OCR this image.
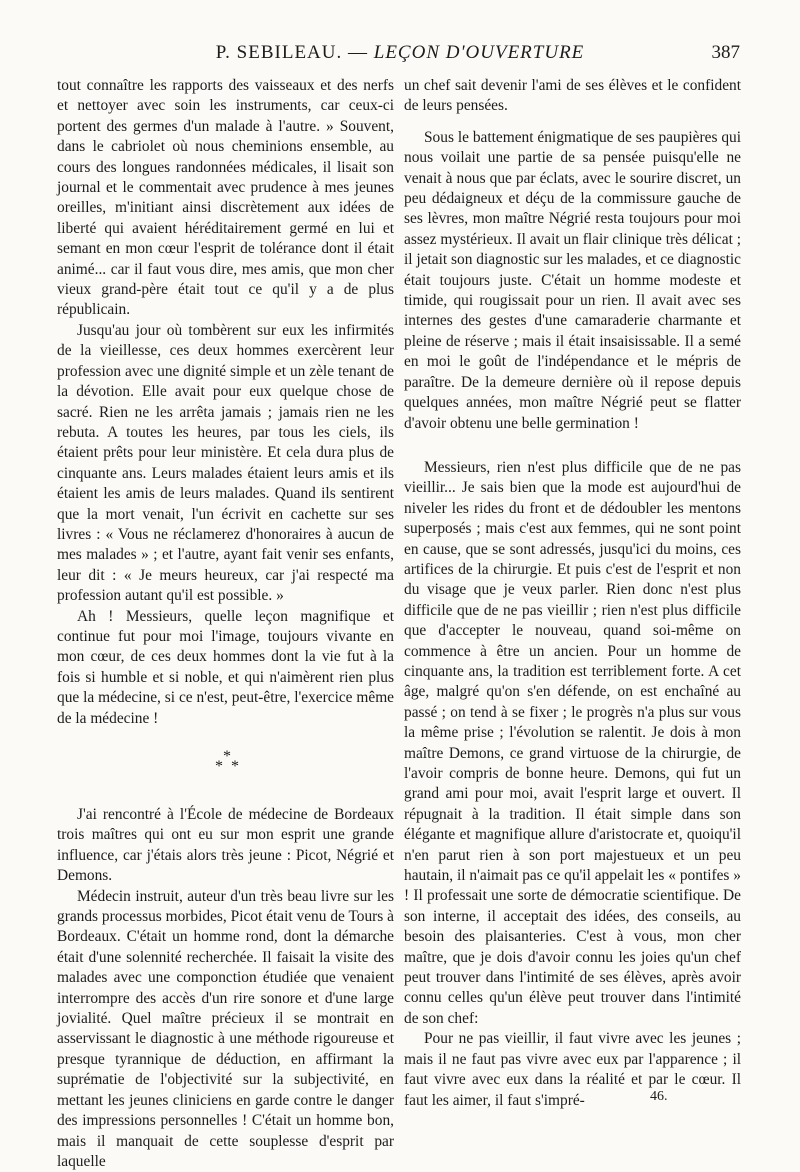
P. SEBILEAU. — LEÇON D'OUVERTURE	387

tout connaître les rapports des vaisseaux et des nerfs et nettoyer avec soin les instruments, car ceux-ci portent des germes d'un malade à l'autre. » Souvent, dans le cabriolet où nous cheminions ensemble, au cours des longues randonnées médicales, il lisait son journal et le commentait avec prudence à mes jeunes oreilles, m'initiant ainsi discrètement aux idées de liberté qui avaient héréditairement germé en lui et semant en mon cœur l'esprit de tolérance dont il était animé... car il faut vous dire, mes amis, que mon cher vieux grand-père était tout ce qu'il y a de plus républicain.

Jusqu'au jour où tombèrent sur eux les infirmités de la vieillesse, ces deux hommes exercèrent leur profession avec une dignité simple et un zèle tenant de la dévotion. Elle avait pour eux quelque chose de sacré. Rien ne les arrêta jamais ; jamais rien ne les rebuta. A toutes les heures, par tous les ciels, ils étaient prêts pour leur ministère. Et cela dura plus de cinquante ans. Leurs malades étaient leurs amis et ils étaient les amis de leurs malades. Quand ils sentirent que la mort venait, l'un écrivit en cachette sur ses livres : « Vous ne réclamerez d'honoraires à aucun de mes malades » ; et l'autre, ayant fait venir ses enfants, leur dit : « Je meurs heureux, car j'ai respecté ma profession autant qu'il est possible. »

Ah ! Messieurs, quelle leçon magnifique et continue fut pour moi l'image, toujours vivante en mon cœur, de ces deux hommes dont la vie fut à la fois si humble et si noble, et qui n'aimèrent rien plus que la médecine, si ce n'est, peut-être, l'exercice même de la médecine !

*
* *

J'ai rencontré à l'École de médecine de Bordeaux trois maîtres qui ont eu sur mon esprit une grande influence, car j'étais alors très jeune : Picot, Négrié et Demons.

Médecin instruit, auteur d'un très beau livre sur les grands processus morbides, Picot était venu de Tours à Bordeaux. C'était un homme rond, dont la démarche était d'une solennité recherchée. Il faisait la visite des malades avec une componction étudiée que venaient interrompre des accès d'un rire sonore et d'une large jovialité. Quel maître précieux il se montrait en asservissant le diagnostic à une méthode rigoureuse et presque tyrannique de déduction, en affirmant la suprématie de l'objectivité sur la subjectivité, en mettant les jeunes cliniciens en garde contre le danger des impressions personnelles ! C'était un homme bon, mais il manquait de cette souplesse d'esprit par laquelle

un chef sait devenir l'ami de ses élèves et le confident de leurs pensées.

Sous le battement énigmatique de ses paupières qui nous voilait une partie de sa pensée puisqu'elle ne venait à nous que par éclats, avec le sourire discret, un peu dédaigneux et déçu de la commissure gauche de ses lèvres, mon maître Négrié resta toujours pour moi assez mystérieux. Il avait un flair clinique très délicat ; il jetait son diagnostic sur les malades, et ce diagnostic était toujours juste. C'était un homme modeste et timide, qui rougissait pour un rien. Il avait avec ses internes des gestes d'une camaraderie charmante et pleine de réserve ; mais il était insaisissable. Il a semé en moi le goût de l'indépendance et le mépris de paraître. De la demeure dernière où il repose depuis quelques années, mon maître Négrié peut se flatter d'avoir obtenu une belle germination !

Messieurs, rien n'est plus difficile que de ne pas vieillir... Je sais bien que la mode est aujourd'hui de niveler les rides du front et de dédoubler les mentons superposés ; mais c'est aux femmes, qui ne sont point en cause, que se sont adressés, jusqu'ici du moins, ces artifices de la chirurgie. Et puis c'est de l'esprit et non du visage que je veux parler. Rien donc n'est plus difficile que de ne pas vieillir ; rien n'est plus difficile que d'accepter le nouveau, quand soi-même on commence à être un ancien. Pour un homme de cinquante ans, la tradition est terriblement forte. A cet âge, malgré qu'on s'en défende, on est enchaîné au passé ; on tend à se fixer ; le progrès n'a plus sur vous la même prise ; l'évolution se ralentit. Je dois à mon maître Demons, ce grand virtuose de la chirurgie, de l'avoir compris de bonne heure. Demons, qui fut un grand ami pour moi, avait l'esprit large et ouvert. Il répugnait à la tradition. Il était simple dans son élégante et magnifique allure d'aristocrate et, quoiqu'il n'en parut rien à son port majestueux et un peu hautain, il n'aimait pas ce qu'il appelait les « pontifes » ! Il professait une sorte de démocratie scientifique. De son interne, il acceptait des idées, des conseils, au besoin des plaisanteries. C'est à vous, mon cher maître, que je dois d'avoir connu les joies qu'un chef peut trouver dans l'intimité de ses élèves, après avoir connu celles qu'un élève peut trouver dans l'intimité de son chef:

Pour ne pas vieillir, il faut vivre avec les jeunes ; mais il ne faut pas vivre avec eux par l'apparence ; il faut vivre avec eux dans la réalité et par le cœur. Il faut les aimer, il faut s'impré-	46.
